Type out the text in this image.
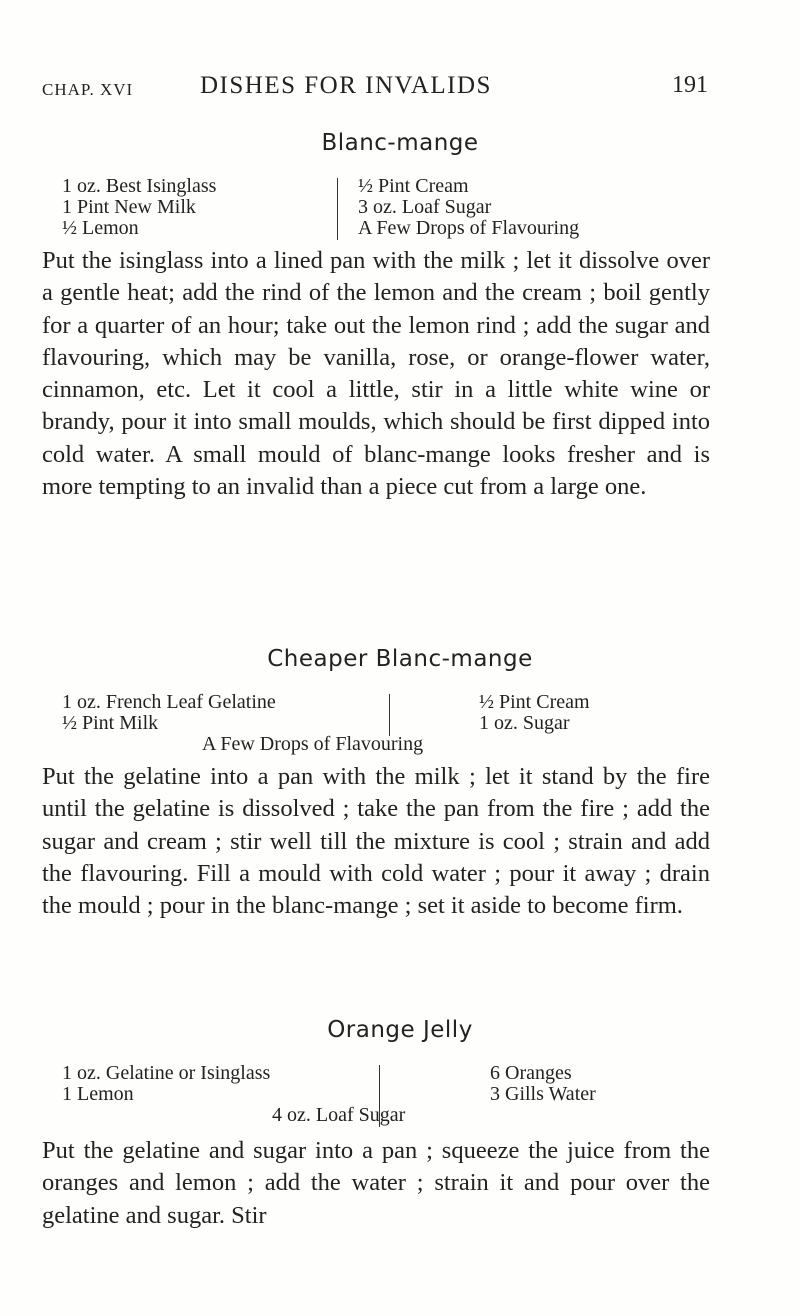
CHAP. XVI	DISHES FOR INVALIDS	191
Blanc-mange
1 oz. Best Isinglass
1 Pint New Milk
½ Lemon
½ Pint Cream
3 oz. Loaf Sugar
A Few Drops of Flavouring

Put the isinglass into a lined pan with the milk ; let it dissolve over a gentle heat; add the rind of the lemon and the cream ; boil gently for a quarter of an hour; take out the lemon rind ; add the sugar and flavouring, which may be vanilla, rose, or orange-flower water, cinnamon, etc. Let it cool a little, stir in a little white wine or brandy, pour it into small moulds, which should be first dipped into cold water. A small mould of blanc-mange looks fresher and is more tempting to an invalid than a piece cut from a large one.

Cheaper Blanc-mange
1 oz. French Leaf Gelatine
½ Pint Milk
½ Pint Cream
1 oz. Sugar
A Few Drops of Flavouring

Put the gelatine into a pan with the milk ; let it stand by the fire until the gelatine is dissolved ; take the pan from the fire ; add the sugar and cream ; stir well till the mixture is cool ; strain and add the flavouring. Fill a mould with cold water ; pour it away ; drain the mould ; pour in the blanc-mange ; set it aside to become firm.

Orange Jelly
1 oz. Gelatine or Isinglass
1 Lemon
6 Oranges
3 Gills Water
4 oz. Loaf Sugar

Put the gelatine and sugar into a pan ; squeeze the juice from the oranges and lemon ; add the water ; strain it and pour over the gelatine and sugar. Stir
